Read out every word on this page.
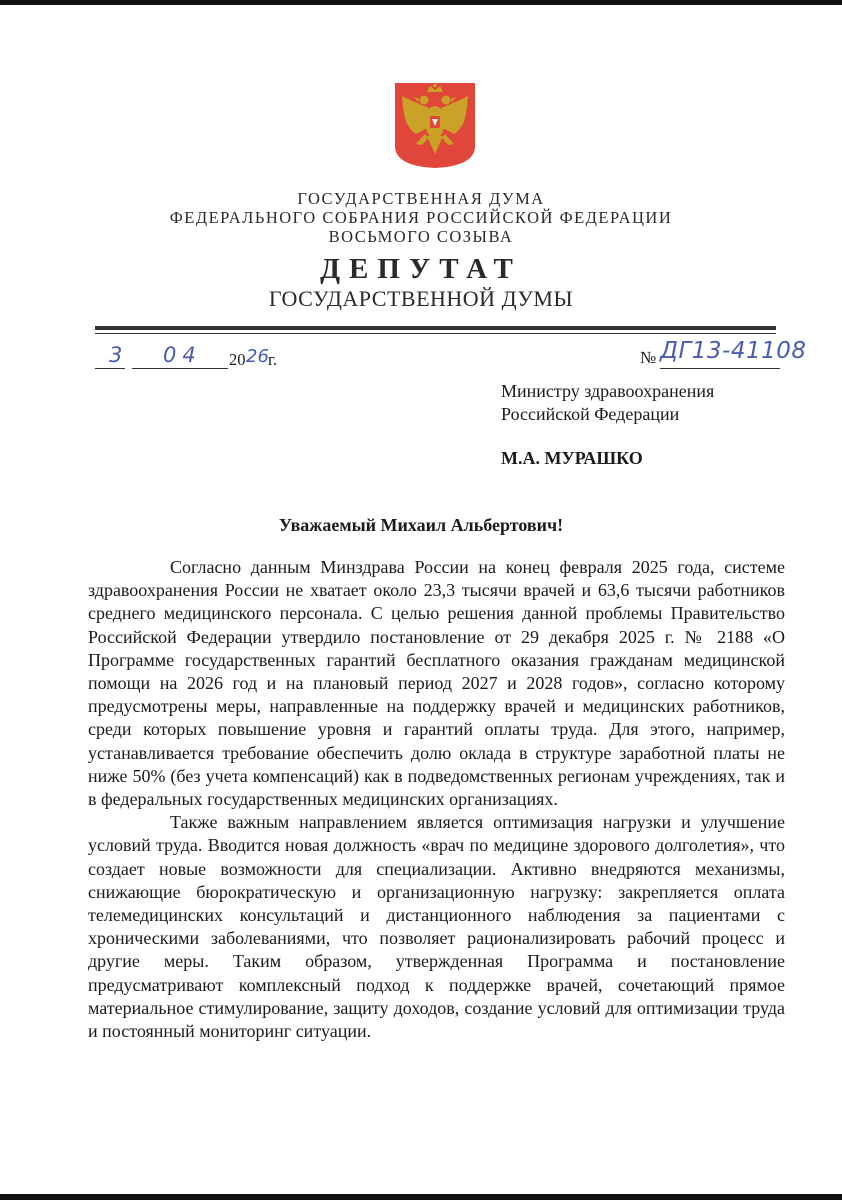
ГОСУДАРСТВЕННАЯ ДУМА
ФЕДЕРАЛЬНОГО СОБРАНИЯ РОССИЙСКОЙ ФЕДЕРАЦИИ
ВОСЬМОГО СОЗЫВА
ДЕПУТАТ
ГОСУДАРСТВЕННОЙ ДУМЫ
3 04 20 26 г.	№ ДГ13-41108
Министру здравоохранения
Российской Федерации
М.А. МУРАШКО
Уважаемый Михаил Альбертович!

Согласно данным Минздрава России на конец февраля 2025 года, системе здравоохранения России не хватает около 23,3 тысячи врачей и 63,6 тысячи работников среднего медицинского персонала. С целью решения данной проблемы Правительство Российской Федерации утвердило постановление от 29 декабря 2025 г. № 2188 «О Программе государственных гарантий бесплатного оказания гражданам медицинской помощи на 2026 год и на плановый период 2027 и 2028 годов», согласно которому предусмотрены меры, направленные на поддержку врачей и медицинских работников, среди которых повышение уровня и гарантий оплаты труда. Для этого, например, устанавливается требование обеспечить долю оклада в структуре заработной платы не ниже 50% (без учета компенсаций) как в подведомственных регионам учреждениях, так и в федеральных государственных медицинских организациях.

Также важным направлением является оптимизация нагрузки и улучшение условий труда. Вводится новая должность «врач по медицине здорового долголетия», что создает новые возможности для специализации. Активно внедряются механизмы, снижающие бюрократическую и организационную нагрузку: закрепляется оплата телемедицинских консультаций и дистанционного наблюдения за пациентами с хроническими заболеваниями, что позволяет рационализировать рабочий процесс и другие меры. Таким образом, утвержденная Программа и постановление предусматривают комплексный подход к поддержке врачей, сочетающий прямое материальное стимулирование, защиту доходов, создание условий для оптимизации труда и постоянный мониторинг ситуации.
